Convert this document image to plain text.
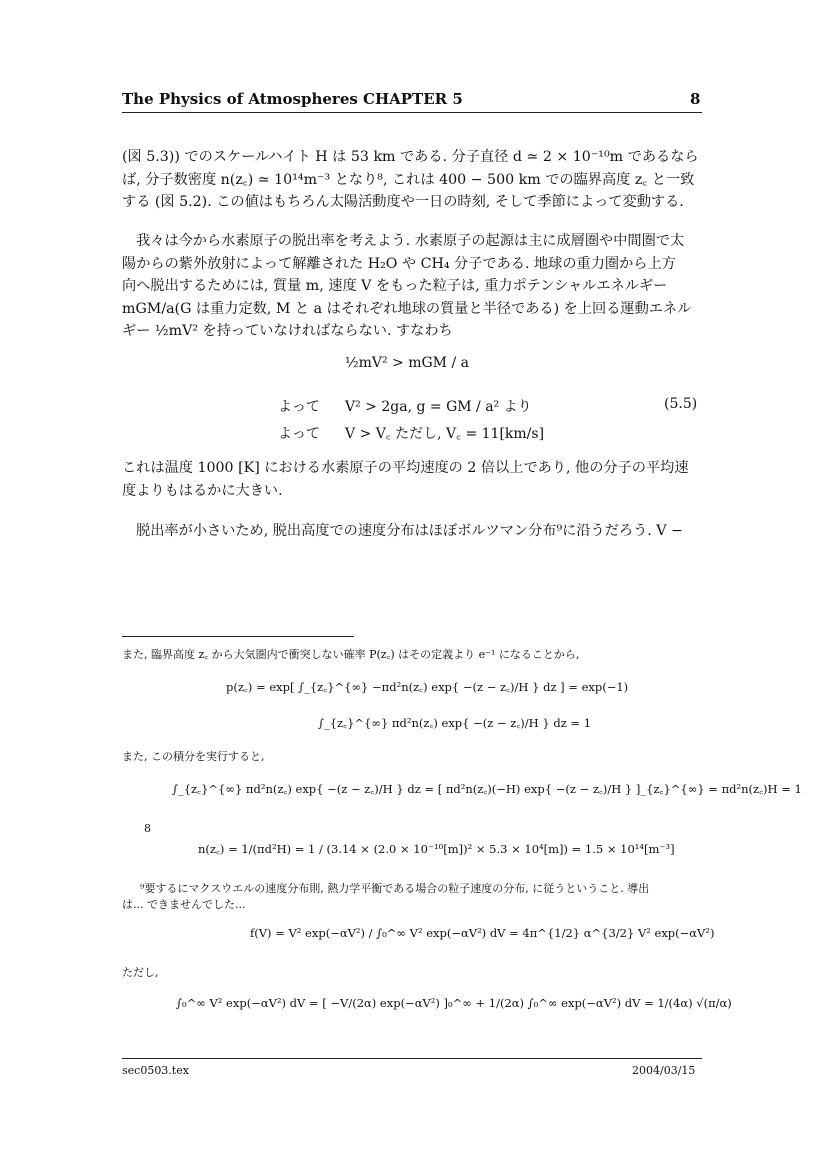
The Physics of Atmospheres CHAPTER 5	8
(図 5.3)) でのスケールハイト H は 53 km である. 分子直径 d ≃ 2 × 10⁻¹⁰m であるなら
ば, 分子数密度 n(z꜀) ≃ 10¹⁴m⁻³ となり⁸, これは 400 − 500 km での臨界高度 z꜀ と一致
する (図 5.2). この値はもちろん太陽活動度や一日の時刻, そして季節によって変動する.
我々は今から水素原子の脱出率を考えよう. 水素原子の起源は主に成層圏や中間圏で太
陽からの紫外放射によって解離された H₂O や CH₄ 分子である. 地球の重力圏から上方
向へ脱出するためには, 質量 m, 速度 V をもった粒子は, 重力ポテンシャルエネルギー
mGM/a(G は重力定数, M と a はそれぞれ地球の質量と半径である) を上回る運動エネル
ギー ½mV² を持っていなければならない. すなわち
½mV² > mGM / a
よって V² > 2ga, g = GM / a² より	(5.5)
よって V > V꜀ ただし, V꜀ = 11[km/s]
これは温度 1000 [K] における水素原子の平均速度の 2 倍以上であり, 他の分子の平均速
度よりもはるかに大きい.
脱出率が小さいため, 脱出高度での速度分布はほぼボルツマン分布⁹に沿うだろう. V −
また, 臨界高度 z꜀ から大気圏内で衝突しない確率 P(z꜀) はその定義より e⁻¹ になることから,
p(z꜀) = exp[ ∫_{z꜀}^{∞} −πd²n(z꜀) exp{ −(z − z꜀)/H } dz ] = exp(−1)
∫_{z꜀}^{∞} πd²n(z꜀) exp{ −(z − z꜀)/H } dz = 1
また, この積分を実行すると,
∫_{z꜀}^{∞} πd²n(z꜀) exp{ −(z − z꜀)/H } dz = [ πd²n(z꜀)(−H) exp{ −(z − z꜀)/H } ]_{z꜀}^{∞} = πd²n(z꜀)H = 1
8
n(z꜀) = 1/(πd²H) = 1 / (3.14 × (2.0 × 10⁻¹⁰[m])² × 5.3 × 10⁴[m]) = 1.5 × 10¹⁴[m⁻³]
⁹要するにマクスウエルの速度分布則, 熱力学平衡である場合の粒子速度の分布, に従うということ. 導出
は... できませんでした...
f(V) = V² exp(−αV²) / ∫₀^∞ V² exp(−αV²) dV = 4π^{1/2} α^{3/2} V² exp(−αV²)
ただし,
∫₀^∞ V² exp(−αV²) dV = [ −V/(2α) exp(−αV²) ]₀^∞ + 1/(2α) ∫₀^∞ exp(−αV²) dV = 1/(4α) √(π/α)
sec0503.tex	2004/03/15
